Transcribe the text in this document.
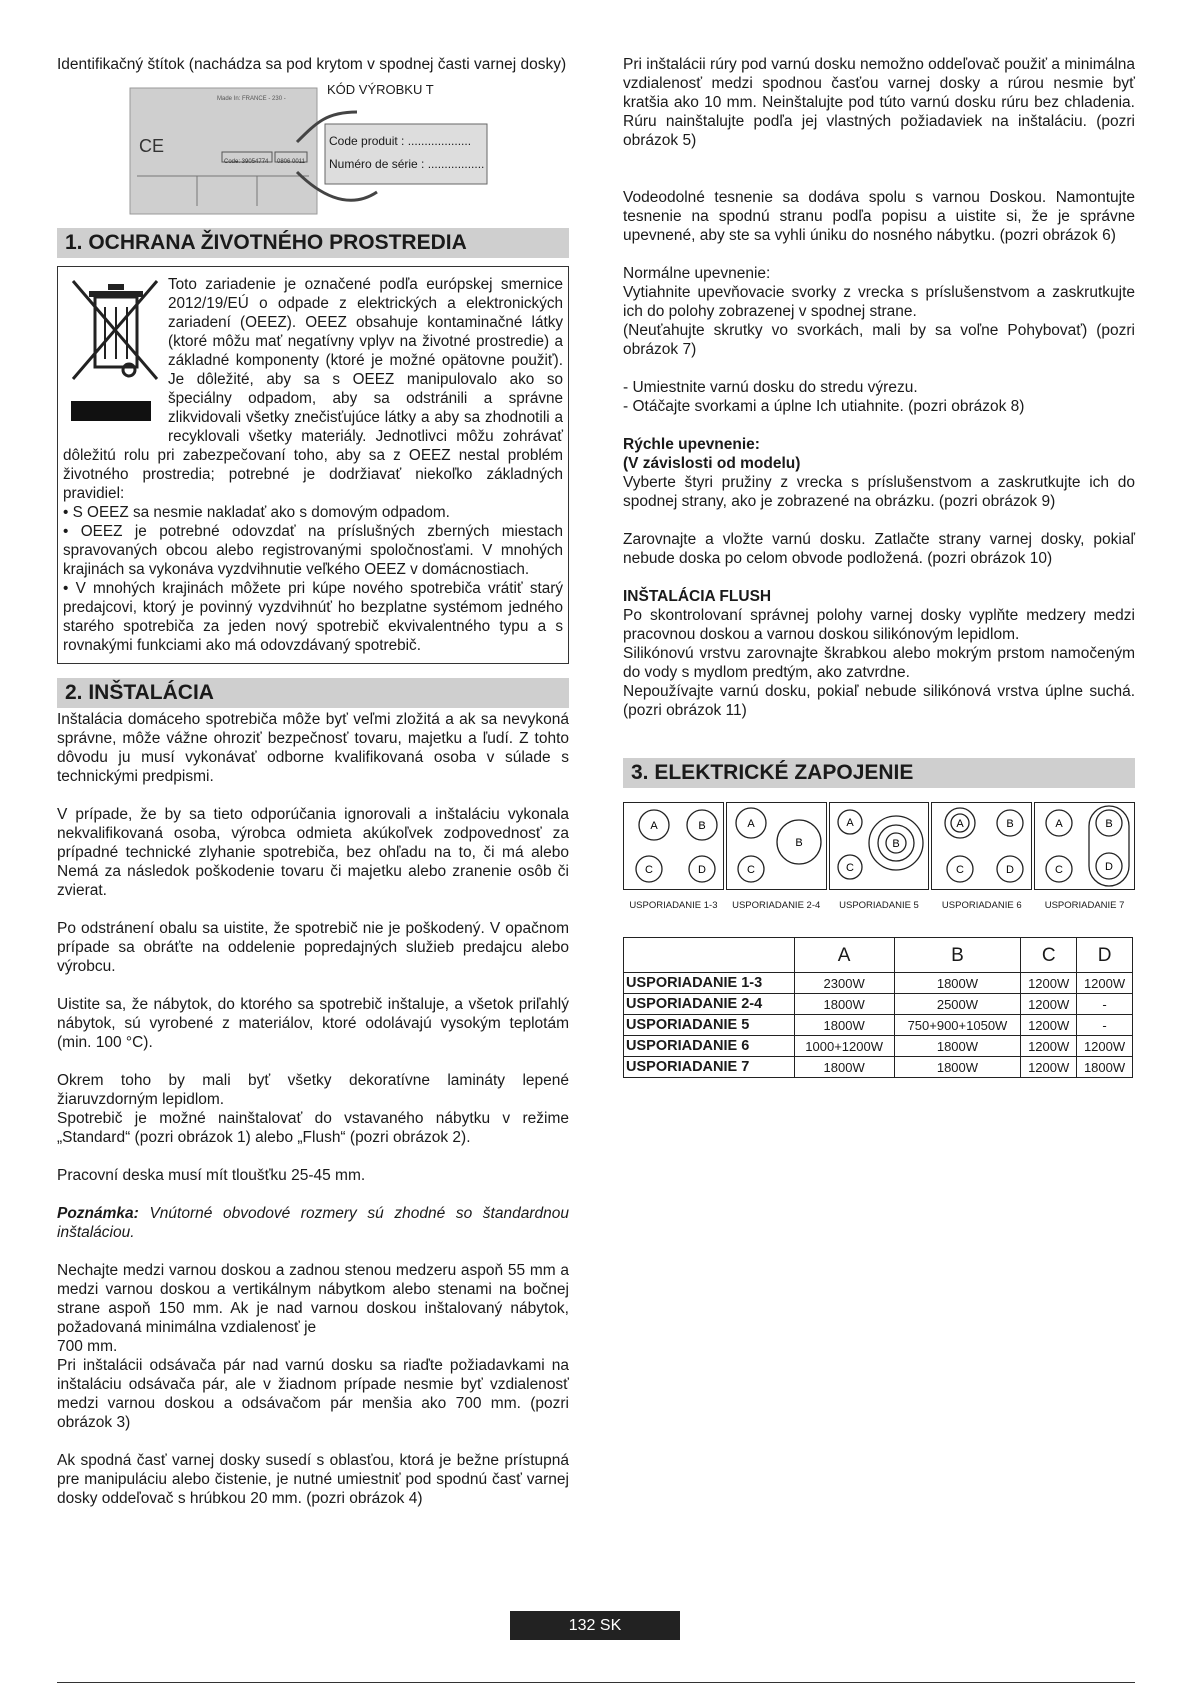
Identifikačný štítok (nachádza sa pod krytom v spodnej časti varnej dosky)

CE
KÓD VÝROBKU T
Code produit : ...................
Numéro de série : .................
Made In: FRANCE - 230 -
Code: 39054774 0806 0011
1. OCHRANA ŽIVOTNÉHO PROSTREDIA

Toto zariadenie je označené podľa európskej smernice 2012/19/EÚ o odpade z elektrických a elektronických zariadení (OEEZ). OEEZ obsahuje kontaminačné látky (ktoré môžu mať negatívny vplyv na životné prostredie) a základné komponenty (ktoré je možné opätovne použiť). Je dôležité, aby sa s OEEZ manipulovalo ako so špeciálny odpadom, aby sa odstránili a správne zlikvidovali všetky znečisťujúce látky a aby sa zhodnotili a recyklovali všetky materiály. Jednotlivci môžu zohrávať dôležitú rolu pri zabezpečovaní toho, aby sa z OEEZ nestal problém životného prostredia; potrebné je dodržiavať niekoľko základných pravidiel:

• S OEEZ sa nesmie nakladať ako s domovým odpadom.

• OEEZ je potrebné odovzdať na príslušných zberných miestach spravovaných obcou alebo registrovanými spoločnosťami. V mnohých krajinách sa vykonáva vyzdvihnutie veľkého OEEZ v domácnostiach.

• V mnohých krajinách môžete pri kúpe nového spotrebiča vrátiť starý predajcovi, ktorý je povinný vyzdvihnúť ho bezplatne systémom jedného starého spotrebiča za jeden nový spotrebič ekvivalentného typu a s rovnakými funkciami ako má odovzdávaný spotrebič.

2. INŠTALÁCIA

Inštalácia domáceho spotrebiča môže byť veľmi zložitá a ak sa nevykoná správne, môže vážne ohroziť bezpečnosť tovaru, majetku a ľudí. Z tohto dôvodu ju musí vykonávať odborne kvalifikovaná osoba v súlade s technickými predpismi.

V prípade, že by sa tieto odporúčania ignorovali a inštaláciu vykonala nekvalifikovaná osoba, výrobca odmieta akúkoľvek zodpovednosť za prípadné technické zlyhanie spotrebiča, bez ohľadu na to, či má alebo Nemá za následok poškodenie tovaru či majetku alebo zranenie osôb či zvierat.

Po odstránení obalu sa uistite, že spotrebič nie je poškodený. V opačnom prípade sa obráťte na oddelenie popredajných služieb predajcu alebo výrobcu.

Uistite sa, že nábytok, do ktorého sa spotrebič inštaluje, a všetok priľahlý nábytok, sú vyrobené z materiálov, ktoré odolávajú vysokým teplotám (min. 100 °C).

Okrem toho by mali byť všetky dekoratívne lamináty lepené žiaruvzdorným lepidlom.

Spotrebič je možné nainštalovať do vstavaného nábytku v režime „Standard“ (pozri obrázok 1) alebo „Flush“ (pozri obrázok 2).

Pracovní deska musí mít tloušťku 25-45 mm.

Poznámka: Vnútorné obvodové rozmery sú zhodné so štandardnou inštaláciou.

Nechajte medzi varnou doskou a zadnou stenou medzeru aspoň 55 mm a medzi varnou doskou a vertikálnym nábytkom alebo stenami na bočnej strane aspoň 150 mm. Ak je nad varnou doskou inštalovaný nábytok, požadovaná minimálna vzdialenosť je

700 mm.

Pri inštalácii odsávača pár nad varnú dosku sa riaďte požiadavkami na inštaláciu odsávača pár, ale v žiadnom prípade nesmie byť vzdialenosť medzi varnou doskou a odsávačom pár menšia ako 700 mm. (pozri obrázok 3)

Ak spodná časť varnej dosky susedí s oblasťou, ktorá je bežne prístupná pre manipuláciu alebo čistenie, je nutné umiestniť pod spodnú časť varnej dosky oddeľovač s hrúbkou 20 mm. (pozri obrázok 4)

Pri inštalácii rúry pod varnú dosku nemožno oddeľovač použiť a minimálna vzdialenosť medzi spodnou časťou varnej dosky a rúrou nesmie byť kratšia ako 10 mm. Neinštalujte pod túto varnú dosku rúru bez chladenia. Rúru nainštalujte podľa jej vlastných požiadaviek na inštaláciu. (pozri obrázok 5)

Vodeodolné tesnenie sa dodáva spolu s varnou Doskou. Namontujte tesnenie na spodnú stranu podľa popisu a uistite si, že je správne upevnené, aby ste sa vyhli úniku do nosného nábytku. (pozri obrázok 6)

Normálne upevnenie:

Vytiahnite upevňovacie svorky z vrecka s príslušenstvom a zaskrutkujte ich do polohy zobrazenej v spodnej strane.

(Neuťahujte skrutky vo svorkách, mali by sa voľne Pohybovať) (pozri obrázok 7)

- Umiestnite varnú dosku do stredu výrezu.

- Otáčajte svorkami a úplne Ich utiahnite. (pozri obrázok 8)

Rýchle upevnenie:

(V závislosti od modelu)

Vyberte štyri pružiny z vrecka s príslušenstvom a zaskrutkujte ich do spodnej strany, ako je zobrazené na obrázku. (pozri obrázok 9)

Zarovnajte a vložte varnú dosku. Zatlačte strany varnej dosky, pokiaľ nebude doska po celom obvode podložená. (pozri obrázok 10)

INŠTALÁCIA FLUSH

Po skontrolovaní správnej polohy varnej dosky vyplňte medzery medzi pracovnou doskou a varnou doskou silikónovým lepidlom.

Silikónovú vrstvu zarovnajte škrabkou alebo mokrým prstom namočeným do vody s mydlom predtým, ako zatvrdne.

Nepoužívajte varnú dosku, pokiaľ nebude silikónová vrstva úplne suchá. (pozri obrázok 11)

3. ELEKTRICKÉ ZAPOJENIE
A	B
C	D
A
B
C
A
B
C
A	B
C	D
A	B
C	D
USPORIADANIE 1-3	USPORIADANIE 2-4	USPORIADANIE 5	USPORIADANIE 6	USPORIADANIE 7
	A	B	C	D
USPORIADANIE 1-3	2300W	1800W	1200W	1200W
USPORIADANIE 2-4	1800W	2500W	1200W	-
USPORIADANIE 5	1800W	750+900+1050W	1200W	-
USPORIADANIE 6	1000+1200W	1800W	1200W	1200W
USPORIADANIE 7	1800W	1800W	1200W	1800W
132 SK
